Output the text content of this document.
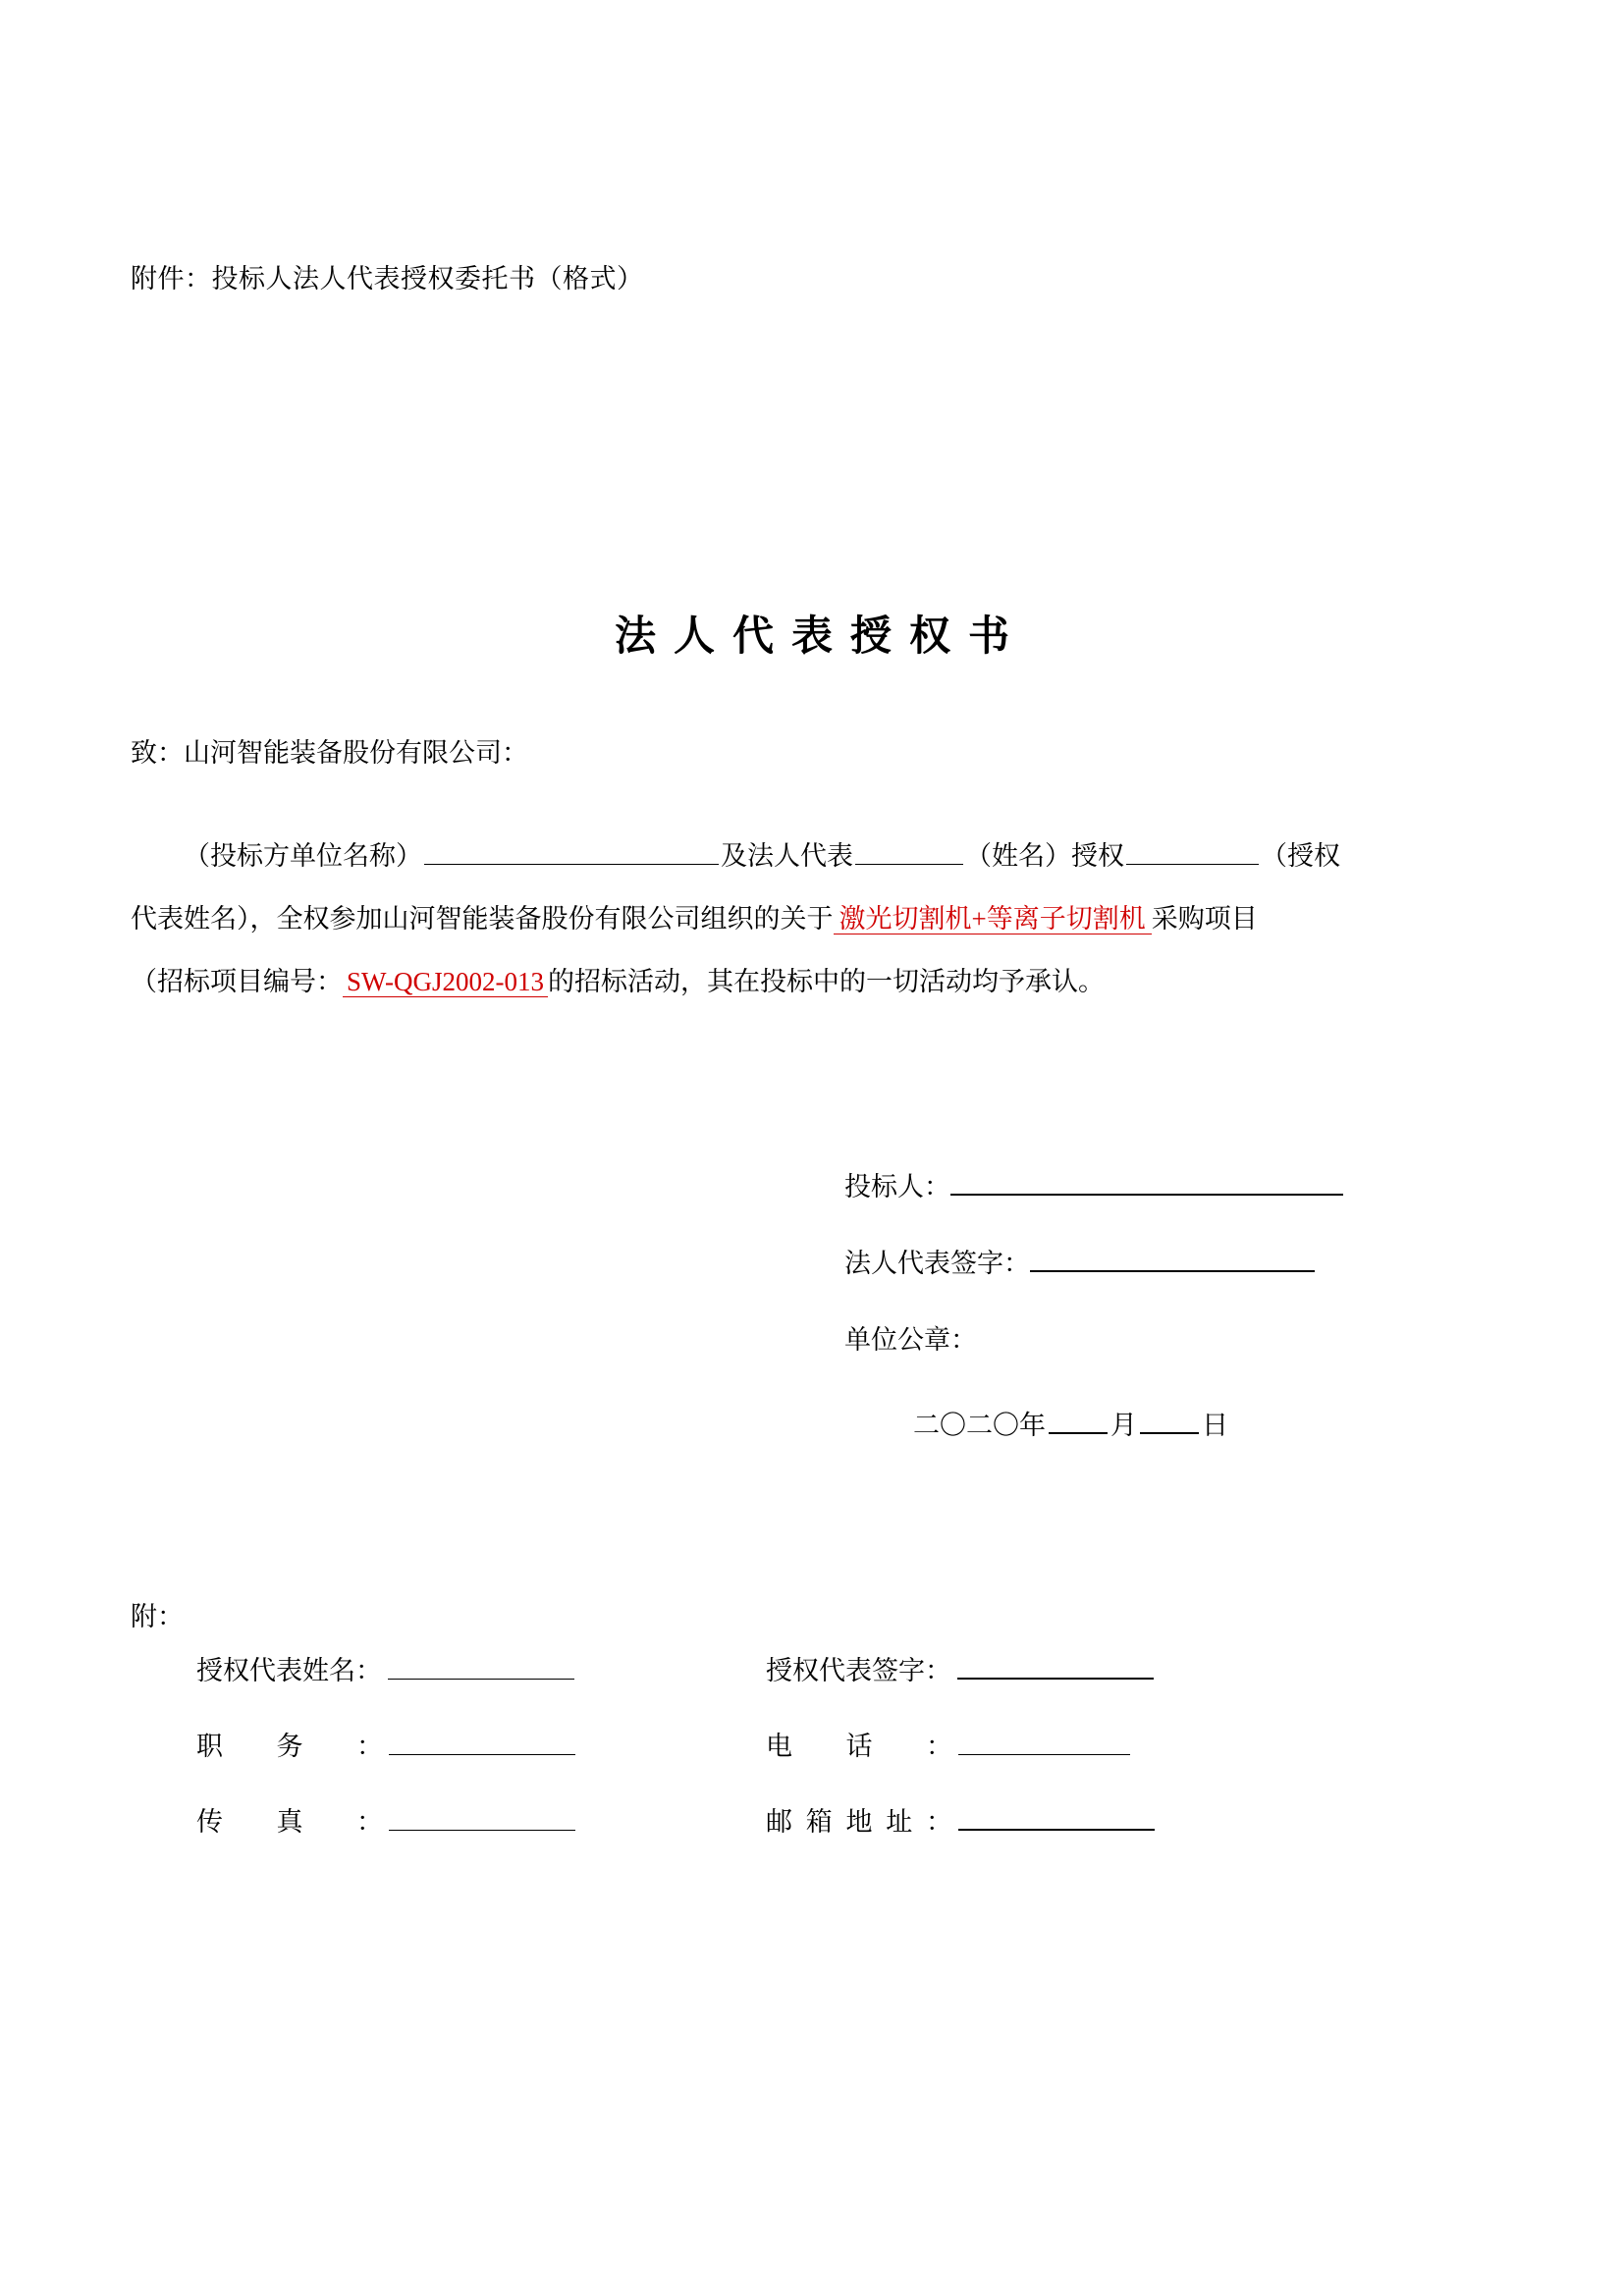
附件：投标人法人代表授权委托书（格式）
法人代表授权书
致：山河智能装备股份有限公司：

（投标方单位名称）	及法人代表	（姓名）授权	（授权

代表姓名），全权参加山河智能装备股份有限公司组织的关于 激光切割机+等离子切割机 采购项目

（招标项目编号： SW-QGJ2002-013 的招标活动，其在投标中的一切活动均予承认。

投标人：
法人代表签字：
单位公章：
二〇二〇年 月 日
附：
授权代表姓名：	授权代表签字：
职务：	电话：
传真：	邮箱地址：
